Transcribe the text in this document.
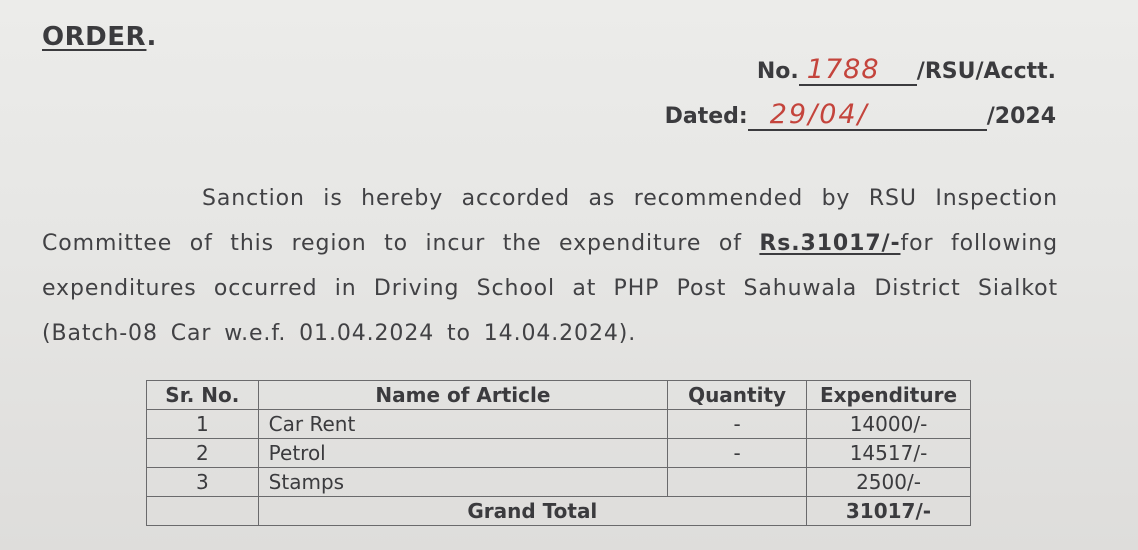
ORDER.
No. 1788 /RSU/Acctt.
Dated: 29/04/	/2024
Sanction is hereby accorded as recommended by RSU Inspection
Committee of this region to incur the expenditure of Rs.31017/-for following
expenditures occurred in Driving School at PHP Post Sahuwala District Sialkot
(Batch-08 Car w.e.f. 01.04.2024 to 14.04.2024).
Sr. No.	Name of Article	Quantity	Expenditure
1	Car Rent	-	14000/-
2	Petrol	-	14517/-
3	Stamps		2500/-
	Grand Total		31017/-
